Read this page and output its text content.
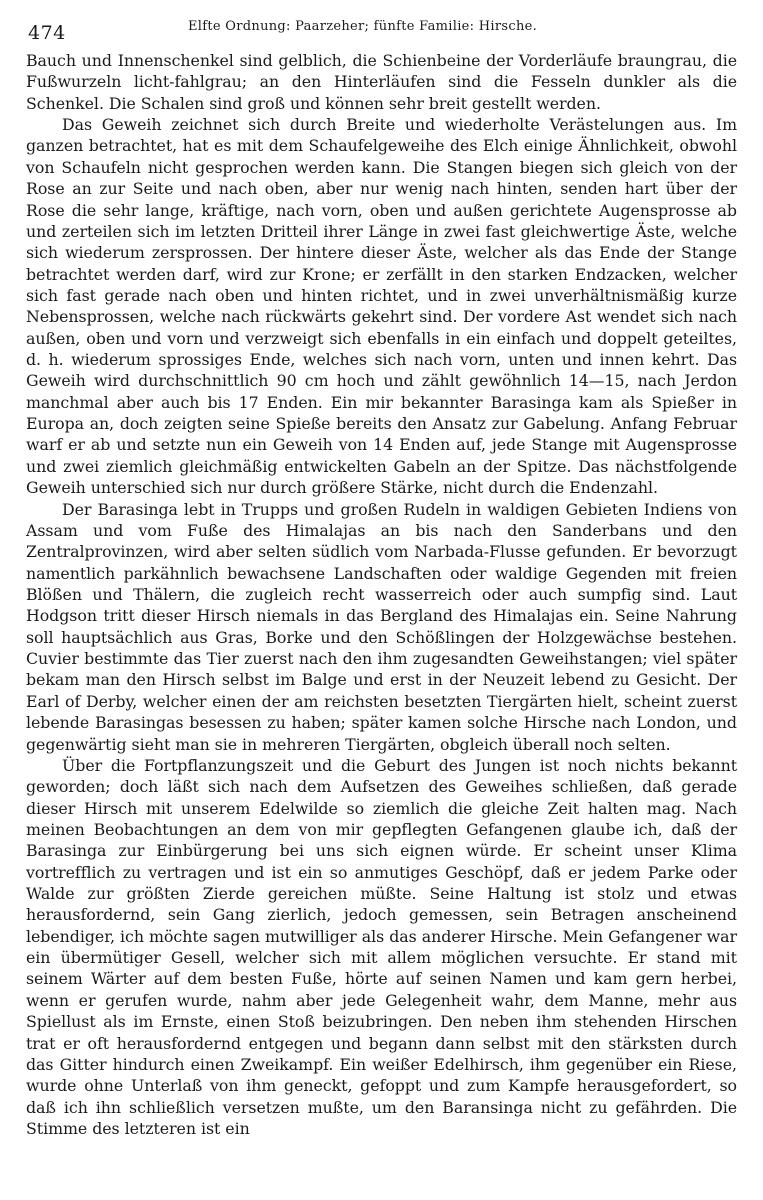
474	Elfte Ordnung: Paarzeher; fünfte Familie: Hirsche.

Bauch und Innenschenkel sind gelblich, die Schienbeine der Vorderläufe braungrau, die Fußwurzeln licht-fahlgrau; an den Hinterläufen sind die Fesseln dunkler als die Schenkel. Die Schalen sind groß und können sehr breit gestellt werden.

Das Geweih zeichnet sich durch Breite und wiederholte Verästelungen aus. Im ganzen betrachtet, hat es mit dem Schaufelgeweihe des Elch einige Ähnlichkeit, obwohl von Schaufeln nicht gesprochen werden kann. Die Stangen biegen sich gleich von der Rose an zur Seite und nach oben, aber nur wenig nach hinten, senden hart über der Rose die sehr lange, kräftige, nach vorn, oben und außen gerichtete Augensprosse ab und zerteilen sich im letzten Dritteil ihrer Länge in zwei fast gleichwertige Äste, welche sich wiederum zersprossen. Der hintere dieser Äste, welcher als das Ende der Stange betrachtet werden darf, wird zur Krone; er zerfällt in den starken Endzacken, welcher sich fast gerade nach oben und hinten richtet, und in zwei unverhältnismäßig kurze Nebensprossen, welche nach rückwärts gekehrt sind. Der vordere Ast wendet sich nach außen, oben und vorn und verzweigt sich ebenfalls in ein einfach und doppelt geteiltes, d. h. wiederum sprossiges Ende, welches sich nach vorn, unten und innen kehrt. Das Geweih wird durchschnittlich 90 cm hoch und zählt gewöhnlich 14—15, nach Jerdon manchmal aber auch bis 17 Enden. Ein mir bekannter Barasinga kam als Spießer in Europa an, doch zeigten seine Spieße bereits den Ansatz zur Gabelung. Anfang Februar warf er ab und setzte nun ein Geweih von 14 Enden auf, jede Stange mit Augensprosse und zwei ziemlich gleichmäßig entwickelten Gabeln an der Spitze. Das nächstfolgende Geweih unterschied sich nur durch größere Stärke, nicht durch die Endenzahl.

Der Barasinga lebt in Trupps und großen Rudeln in waldigen Gebieten Indiens von Assam und vom Fuße des Himalajas an bis nach den Sanderbans und den Zentralprovinzen, wird aber selten südlich vom Narbada-Flusse gefunden. Er bevorzugt namentlich parkähnlich bewachsene Landschaften oder waldige Gegenden mit freien Blößen und Thälern, die zugleich recht wasserreich oder auch sumpfig sind. Laut Hodgson tritt dieser Hirsch niemals in das Bergland des Himalajas ein. Seine Nahrung soll hauptsächlich aus Gras, Borke und den Schößlingen der Holzgewächse bestehen. Cuvier bestimmte das Tier zuerst nach den ihm zugesandten Geweihstangen; viel später bekam man den Hirsch selbst im Balge und erst in der Neuzeit lebend zu Gesicht. Der Earl of Derby, welcher einen der am reichsten besetzten Tiergärten hielt, scheint zuerst lebende Barasingas besessen zu haben; später kamen solche Hirsche nach London, und gegenwärtig sieht man sie in mehreren Tiergärten, obgleich überall noch selten.

Über die Fortpflanzungszeit und die Geburt des Jungen ist noch nichts bekannt geworden; doch läßt sich nach dem Aufsetzen des Geweihes schließen, daß gerade dieser Hirsch mit unserem Edelwilde so ziemlich die gleiche Zeit halten mag. Nach meinen Beobachtungen an dem von mir gepflegten Gefangenen glaube ich, daß der Barasinga zur Einbürgerung bei uns sich eignen würde. Er scheint unser Klima vortrefflich zu vertragen und ist ein so anmutiges Geschöpf, daß er jedem Parke oder Walde zur größten Zierde gereichen müßte. Seine Haltung ist stolz und etwas herausfordernd, sein Gang zierlich, jedoch gemessen, sein Betragen anscheinend lebendiger, ich möchte sagen mutwilliger als das anderer Hirsche. Mein Gefangener war ein übermütiger Gesell, welcher sich mit allem möglichen versuchte. Er stand mit seinem Wärter auf dem besten Fuße, hörte auf seinen Namen und kam gern herbei, wenn er gerufen wurde, nahm aber jede Gelegenheit wahr, dem Manne, mehr aus Spiellust als im Ernste, einen Stoß beizubringen. Den neben ihm stehenden Hirschen trat er oft herausfordernd entgegen und begann dann selbst mit den stärksten durch das Gitter hindurch einen Zweikampf. Ein weißer Edelhirsch, ihm gegenüber ein Riese, wurde ohne Unterlaß von ihm geneckt, gefoppt und zum Kampfe herausgefordert, so daß ich ihn schließlich versetzen mußte, um den Baransinga nicht zu gefährden. Die Stimme des letzteren ist ein
